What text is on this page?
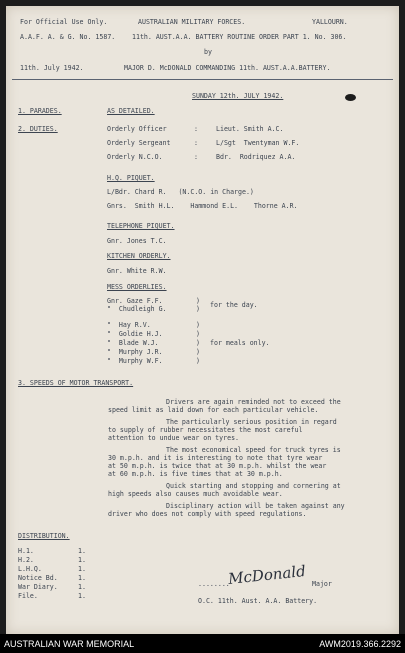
For Official Use Only.	AUSTRALIAN MILITARY FORCES.	YALLOURN.
A.A.F. A. & G. No. 1587.	11th. AUST.A.A. BATTERY ROUTINE ORDER PART 1. No. 306.
by
11th. July 1942.	MAJOR D. McDONALD COMMANDING 11th. AUST.A.A.BATTERY.
SUNDAY 12th. JULY 1942.
1. PARADES.	AS DETAILED.
2. DUTIES.	Orderly Officer	:	Lieut. Smith A.C.
Orderly Sergeant	:	L/Sgt  Twentyman W.F.
Orderly N.C.O.	:	Bdr.  Rodriquez A.A.
H.Q. PIQUET.
L/Bdr. Chard R.   (N.C.O. in Charge.)
Gnrs.  Smith H.L.    Hammond E.L.    Thorne A.R.
TELEPHONE PIQUET.
Gnr. Jones T.C.
KITCHEN ORDERLY.
Gnr. White R.W.
MESS ORDERLIES.
Gnr. Gaze F.F.
"  Chudleigh G.
)
) for the day.
"  Hay R.V.
"  Goldie H.J.
"  Blade W.J.
"  Murphy J.R.
"  Murphy W.F.
)
)
)
)
)
for meals only.
3. SPEEDS OF MOTOR TRANSPORT.
Drivers are again reminded not to exceed the
speed limit as laid down for each particular vehicle.
The particularly serious position in regard
to supply of rubber necessitates the most careful
attention to undue wear on tyres.
The most economical speed for truck tyres is
30 m.p.h. and it is interesting to note that tyre wear
at 50 m.p.h. is twice that at 30 m.p.h. whilst the wear
at 60 m.p.h. is five times that at 30 m.p.h.
Quick starting and stopping and cornering at
high speeds also causes much avoidable wear.
Disciplinary action will be taken against any
driver who does not comply with speed regulations.
DISTRIBUTION.
H.1.	1.
H.2.	1.
L.H.Q.	1.
Notice Bd.	1.
War Diary.	1.
File.	1.
........
McDonald Major
O.C. 11th. Aust. A.A. Battery.
AUSTRALIAN WAR MEMORIAL	AWM2019.366.2292
